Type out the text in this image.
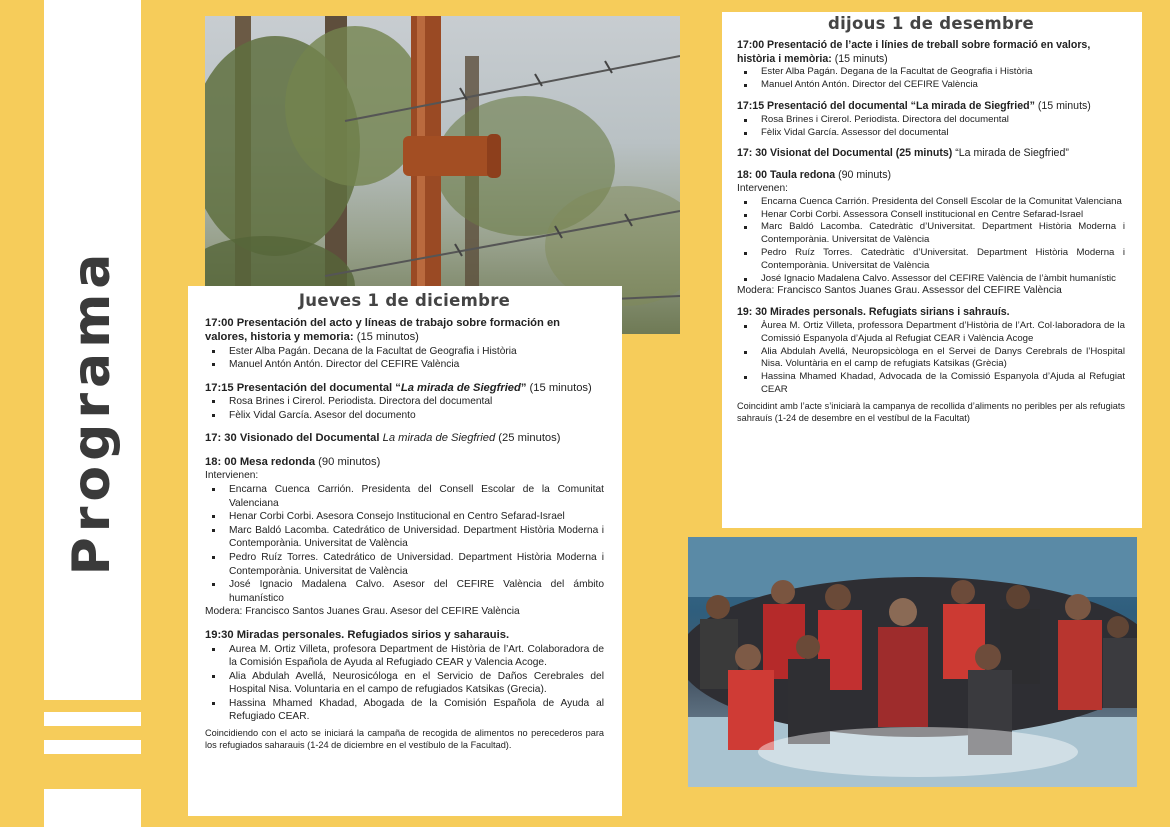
Programa	Jueves 1 de diciembre
17:00 Presentación del acto y líneas de trabajo sobre formación en valores, historia y memoria: (15 minutos)
Ester Alba Pagán. Decana de la Facultat de Geografia i Història
Manuel Antón Antón. Director del CEFIRE València
17:15 Presentación del documental “La mirada de Siegfried” (15 minutos)
Rosa Brines i Cirerol. Periodista. Directora del documental
Fèlix Vidal García. Asesor del documento
17: 30 Visionado del Documental La mirada de Siegfried (25 minutos)
18: 00 Mesa redonda (90 minutos)
Intervienen:
Encarna Cuenca Carrión. Presidenta del Consell Escolar de la Comunitat Valenciana
Henar Corbi Corbi. Asesora Consejo Institucional en Centro Sefarad-Israel
Marc Baldó Lacomba. Catedrático de Universidad. Department Història Moderna i Contemporània. Universitat de València
Pedro Ruíz Torres. Catedrático de Universidad. Department Història Moderna i Contemporània. Universitat de València
José Ignacio Madalena Calvo. Asesor del CEFIRE València del ámbito humanístico
Modera: Francisco Santos Juanes Grau. Asesor del CEFIRE València
19:30 Miradas personales. Refugiados sirios y saharauis.
Aurea M. Ortiz Villeta, profesora Department de Història de l’Art. Colaboradora de la Comisión Española de Ayuda al Refugiado CEAR y Valencia Acoge.
Alia Abdulah Avellá, Neurosicóloga en el Servicio de Daños Cerebrales del Hospital Nisa. Voluntaria en el campo de refugiados Katsikas (Grecia).
Hassina Mhamed Khadad, Abogada de la Comisión Española de Ayuda al Refugiado CEAR.
Coincidiendo con el acto se iniciará la campaña de recogida de alimentos no perecederos para los refugiados saharauis (1-24 de diciembre en el vestíbulo de la Facultad).
dijous 1 de desembre
17:00 Presentació de l’acte i línies de treball sobre formació en valors, història i memòria: (15 minuts)
Ester Alba Pagán. Degana de la Facultat de Geografia i Història
Manuel Antón Antón. Director del CEFIRE València
17:15 Presentació del documental “La mirada de Siegfried” (15 minuts)
Rosa Brines i Cirerol. Periodista. Directora del documental
Fèlix Vidal García. Assessor del documental
17: 30 Visionat del Documental (25 minuts) “La mirada de Siegfried”
18: 00 Taula redona (90 minuts)
Intervenen:
Encarna Cuenca Carrión. Presidenta del Consell Escolar de la Comunitat Valenciana
Henar Corbi Corbi. Assessora Consell institucional en Centre Sefarad-Israel
Marc Baldó Lacomba. Catedràtic d’Universitat. Department Història Moderna i Contemporània. Universitat de València
Pedro Ruíz Torres. Catedràtic d’Universitat. Department Història Moderna i Contemporània. Universitat de València
José Ignacio Madalena Calvo. Assessor del CEFIRE València de l’àmbit humanístic
Modera: Francisco Santos Juanes Grau. Assessor del CEFIRE València
19: 30 Mirades personals. Refugiats sirians i sahrauís.
Àurea M. Ortiz Villeta, professora Department d’Història de l’Art. Col·laboradora de la Comissió Espanyola d’Ajuda al Refugiat CEAR i València Acoge
Alia Abdulah Avellá, Neuropsicòloga en el Servei de Danys Cerebrals de l’Hospital Nisa. Voluntària en el camp de refugiats Katsikas (Grècia)
Hassina Mhamed Khadad, Advocada de la Comissió Espanyola d’Ajuda al Refugiat CEAR
Coincidint amb l’acte s’iniciarà la campanya de recollida d’aliments no peribles per als refugiats sahrauís (1-24 de desembre en el vestíbul de la Facultat)
